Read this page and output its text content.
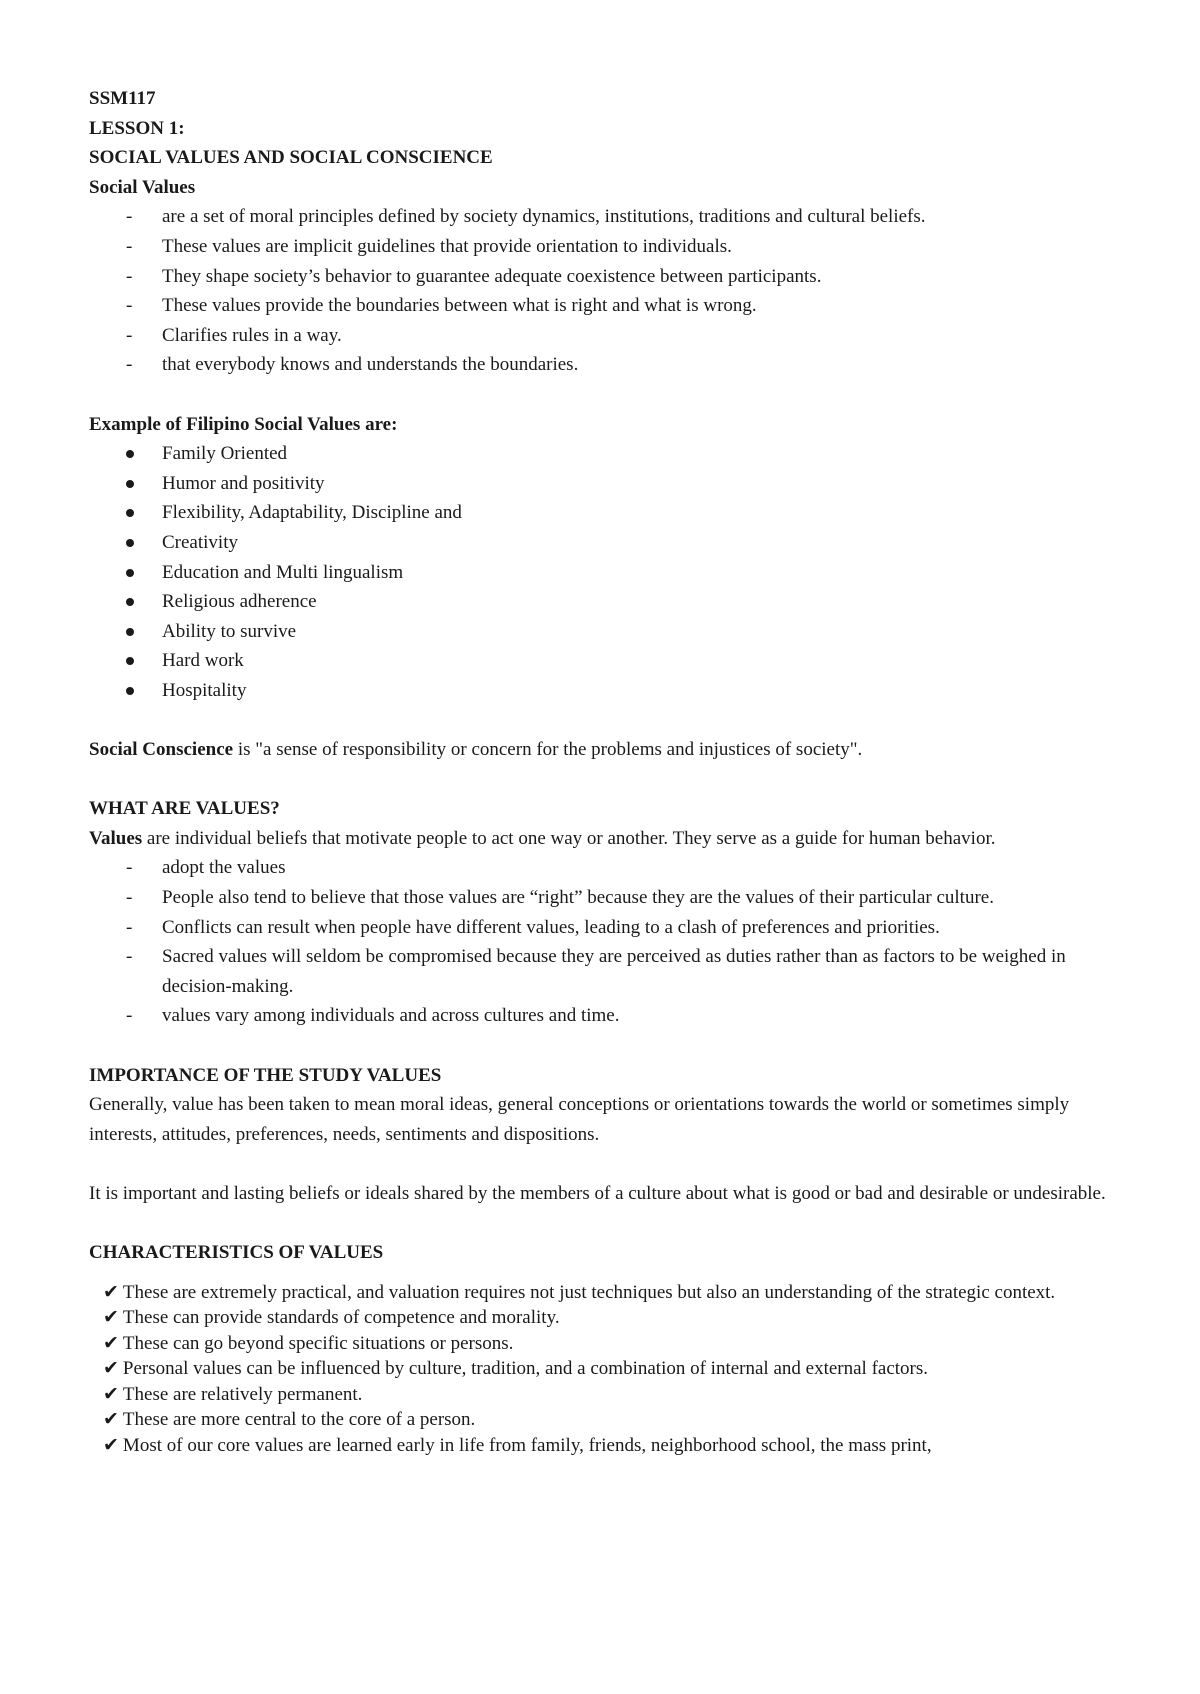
SSM117

LESSON 1:

SOCIAL VALUES AND SOCIAL CONSCIENCE

Social Values

- are a set of moral principles defined by society dynamics, institutions, traditions and cultural beliefs.
- These values are implicit guidelines that provide orientation to individuals.
- They shape society’s behavior to guarantee adequate coexistence between participants.
- These values provide the boundaries between what is right and what is wrong.
- Clarifies rules in a way.
- that everybody knows and understands the boundaries.

Example of Filipino Social Values are:

Family Oriented
Humor and positivity
Flexibility, Adaptability, Discipline and
Creativity
Education and Multi lingualism
Religious adherence
Ability to survive
Hard work
Hospitality

Social Conscience is "a sense of responsibility or concern for the problems and injustices of society".

WHAT ARE VALUES?

Values are individual beliefs that motivate people to act one way or another. They serve as a guide for human behavior.

- adopt the values
- People also tend to believe that those values are “right” because they are the values of their particular culture.
- Conflicts can result when people have different values, leading to a clash of preferences and priorities.
- Sacred values will seldom be compromised because they are perceived as duties rather than as factors to be weighed in decision-making.
- values vary among individuals and across cultures and time.

IMPORTANCE OF THE STUDY VALUES

Generally, value has been taken to mean moral ideas, general conceptions or orientations towards the world or sometimes simply interests, attitudes, preferences, needs, sentiments and dispositions.

It is important and lasting beliefs or ideals shared by the members of a culture about what is good or bad and desirable or undesirable.

CHARACTERISTICS OF VALUES

✔ These are extremely practical, and valuation requires not just techniques but also an understanding of the strategic context.
✔ These can provide standards of competence and morality.
✔ These can go beyond specific situations or persons.
✔ Personal values can be influenced by culture, tradition, and a combination of internal and external factors.
✔ These are relatively permanent.
✔ These are more central to the core of a person.
✔ Most of our core values are learned early in life from family, friends, neighborhood school, the mass print,
